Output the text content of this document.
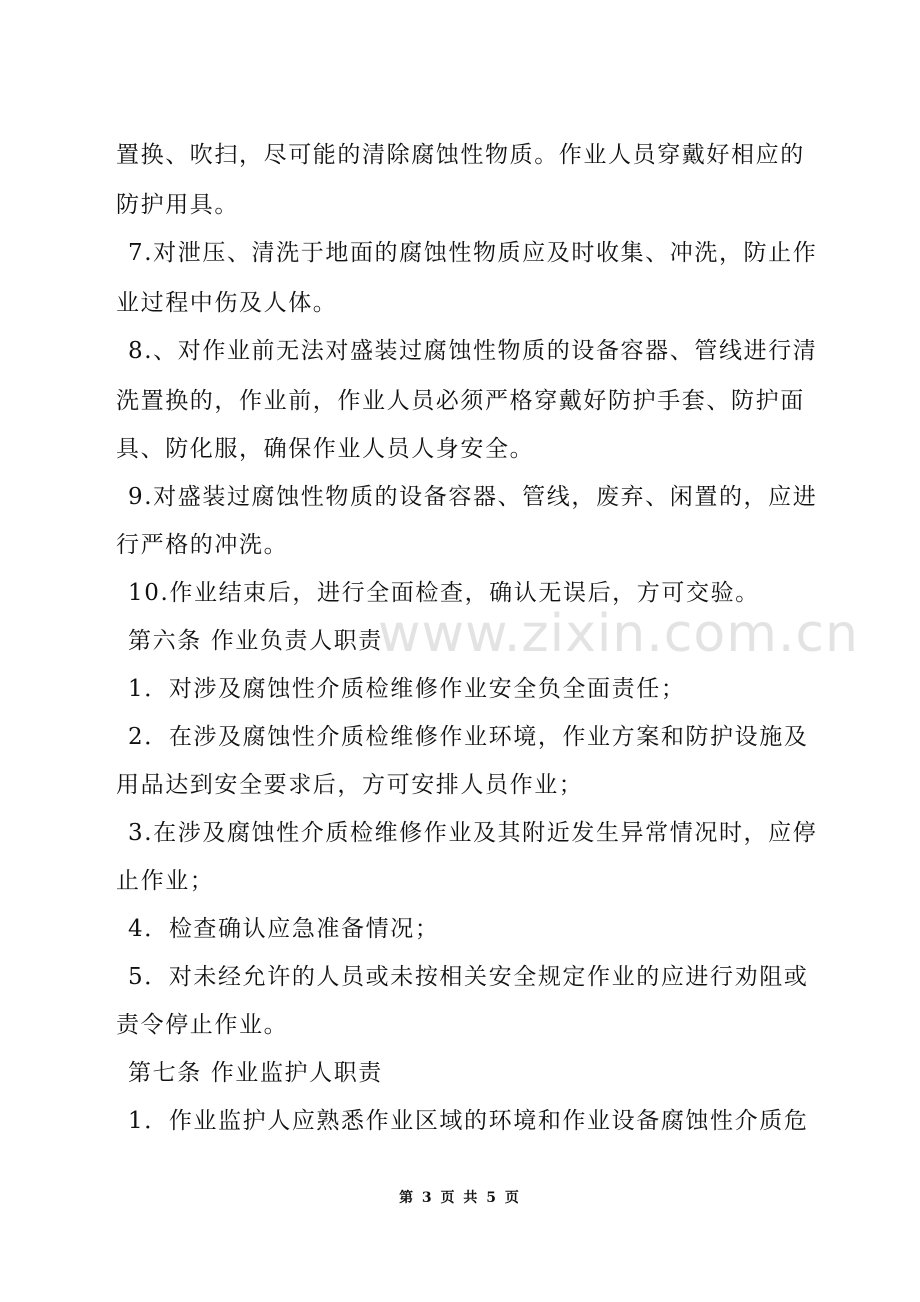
www.zixin.com.cn
置换、吹扫，尽可能的清除腐蚀性物质。作业人员穿戴好相应的
防护用具。
7.对泄压、清洗于地面的腐蚀性物质应及时收集、冲洗，防止作
业过程中伤及人体。
8.、对作业前无法对盛装过腐蚀性物质的设备容器、管线进行清
洗置换的，作业前，作业人员必须严格穿戴好防护手套、防护面
具、防化服，确保作业人员人身安全。
9.对盛装过腐蚀性物质的设备容器、管线，废弃、闲置的，应进
行严格的冲洗。
10.作业结束后，进行全面检查，确认无误后，方可交验。
第六条 作业负责人职责
1．对涉及腐蚀性介质检维修作业安全负全面责任；
2．在涉及腐蚀性介质检维修作业环境，作业方案和防护设施及
用品达到安全要求后，方可安排人员作业；
3.在涉及腐蚀性介质检维修作业及其附近发生异常情况时，应停
止作业；
4．检查确认应急准备情况；
5．对未经允许的人员或未按相关安全规定作业的应进行劝阻或
责令停止作业。
第七条 作业监护人职责
1．作业监护人应熟悉作业区域的环境和作业设备腐蚀性介质危
第 3 页 共 5 页
